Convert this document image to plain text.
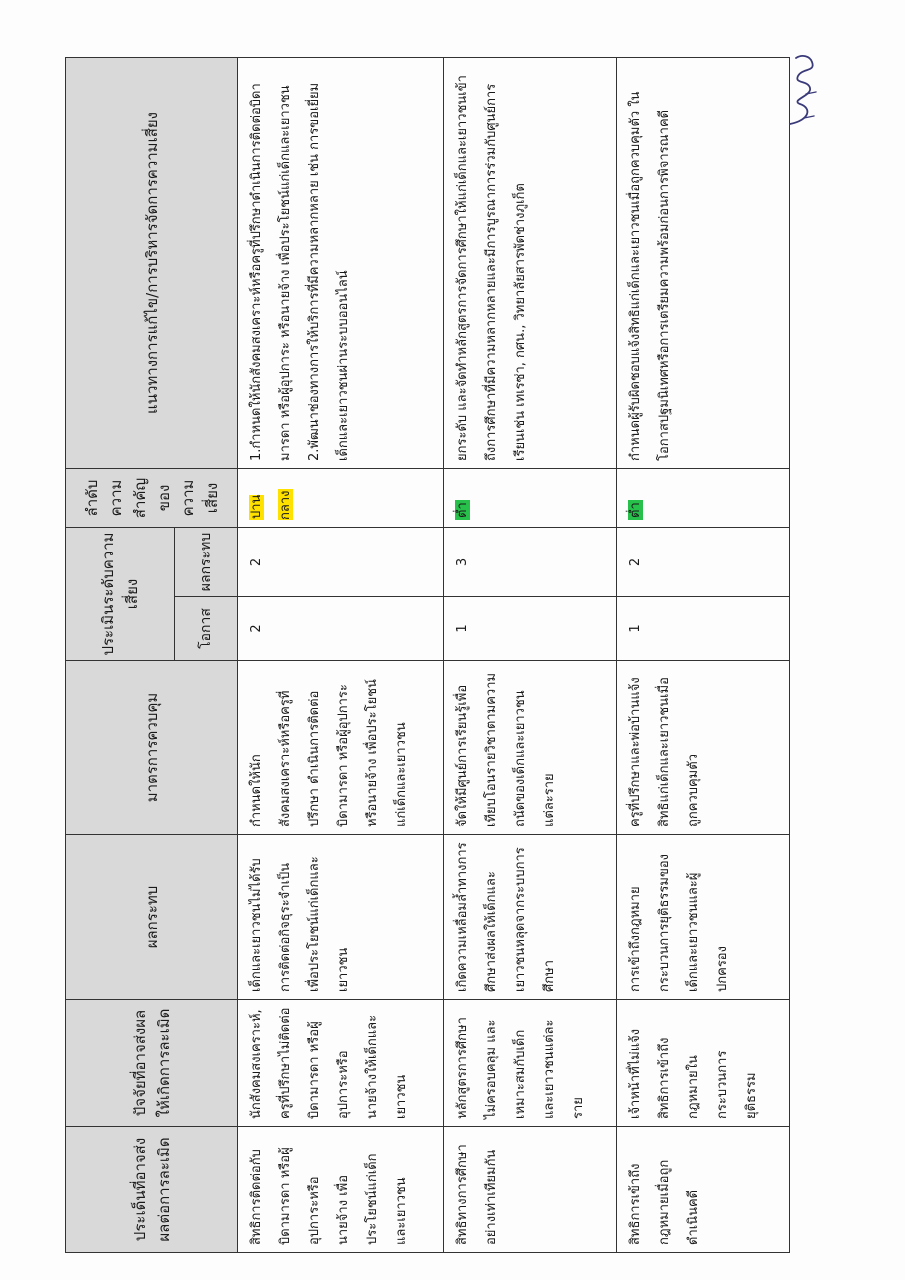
ประเด็นที่อาจส่งผลต่อการละเมิด	ปัจจัยที่อาจส่งผลให้เกิดการละเมิด	ผลกระทบ	มาตรการควบคุม	ประเมินระดับความเสี่ยง		ลำดับความสำคัญของความเสี่ยง	แนวทางการแก้ไข/การบริหารจัดการความเสี่ยง
				โอกาส	ผลกระทบ		
สิทธิการติดต่อกับบิดามารดา หรือผู้อุปการะหรือนายจ้าง เพื่อประโยชน์แก่เด็กและเยาวชน	นักสังคมสงเคราะห์, ครูที่ปรึกษาไม่ติดต่อบิดามารดา หรือผู้อุปการะหรือนายจ้างให้เด็กและเยาวชน	เด็กและเยาวชนไม่ได้รับการติดต่อกิจธุระจำเป็น เพื่อประโยชน์แก่เด็กและเยาวชน	กำหนดให้นักสังคมสงเคราะห์หรือครูที่ปรึกษา ดำเนินการติดต่อบิดามารดา หรือผู้อุปการะ หรือนายจ้าง เพื่อประโยชน์แก่เด็กและเยาวชน	2	2	ปานกลาง	1.กำหนดให้นักสังคมสงเคราะห์หรือครูที่ปรึกษาดำเนินการติดต่อบิดามารดา หรือผู้อุปการะ หรือนายจ้าง เพื่อประโยชน์แก่เด็กและเยาวชน 2.พัฒนาช่องทางการให้บริการที่มีความหลากหลาย เช่น การขอเยี่ยมเด็กและเยาวชนผ่านระบบออนไลน์
สิทธิทางการศึกษาอย่างเท่าเทียมกัน	หลักสูตรการศึกษาไม่ครอบคลุม และเหมาะสมกับเด็กและเยาวชนแต่ละราย	เกิดความเหลื่อมล้ำทางการศึกษาส่งผลให้เด็กและเยาวชนหลุดจากระบบการศึกษา	จัดให้มีศูนย์การเรียนรู้เพื่อเทียบโอนรายวิชาตามความถนัดของเด็กและเยาวชนแต่ละราย	1	3	ต่ำ	ยกระดับ และจัดทำหลักสูตรการจัดการศึกษาให้แก่เด็กและเยาวชนเข้าถึงการศึกษาที่มีความหลากหลายและมีการบูรณาการร่วมกับศูนย์การเรียนเช่น เทเรซ่า, กศน., วิทยาลัยสารพัดช่างภูเก็ต
สิทธิการเข้าถึงกฎหมายเมื่อถูกดำเนินคดี	เจ้าหน้าที่ไม่แจ้งสิทธิการเข้าถึงกฎหมายในกระบวนการยุติธรรม	การเข้าถึงกฎหมายกระบวนการยุติธรรมของเด็กและเยาวชนและผู้ปกครอง	ครูที่ปรึกษาและพ่อบ้านแจ้งสิทธิแก่เด็กและเยาวชนเมื่อถูกควบคุมตัว	1	2	ต่ำ	กำหนดผู้รับผิดชอบแจ้งสิทธิแก่เด็กและเยาวชนเมื่อถูกควบคุมตัว ในโอกาสปฐมนิเทศหรือการเตรียมความพร้อมก่อนการพิจารณาคดี
